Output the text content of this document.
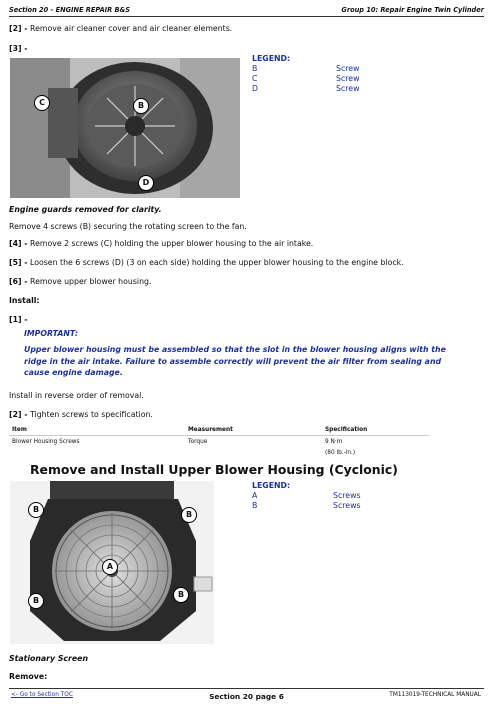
Section 20 - ENGINE REPAIR B&S	Group 10: Repair Engine Twin Cylinder
[2] - Remove air cleaner cover and air cleaner elements.
[3] -
C	B
D
LEGEND:
B	Screw
C	Screw
D	Screw
Engine guards removed for clarity.
Remove 4 screws (B) securing the rotating screen to the fan.
[4] - Remove 2 screws (C) holding the upper blower housing to the air intake.
[5] - Loosen the 6 screws (D) (3 on each side) holding the upper blower housing to the engine block.
[6] - Remove upper blower housing.
Install:
[1] -
IMPORTANT:
Upper blower housing must be assembled so that the slot in the blower housing aligns with the ridge in the air intake. Failure to assemble correctly will prevent the air filter from sealing and cause engine damage.
Install in reverse order of removal.
[2] - Tighten screws to specification.
Item	Measurement	Specification
Blower Housing Screws	Torque	9 N·m
(80 lb.-in.)
Remove and Install Upper Blower Housing (Cyclonic)
B
B
A
B
B
LEGEND:
A	Screws
B	Screws
Stationary Screen
Remove:
<- Go to Section TOC	Section 20 page 6	TM113019-TECHNICAL MANUAL
